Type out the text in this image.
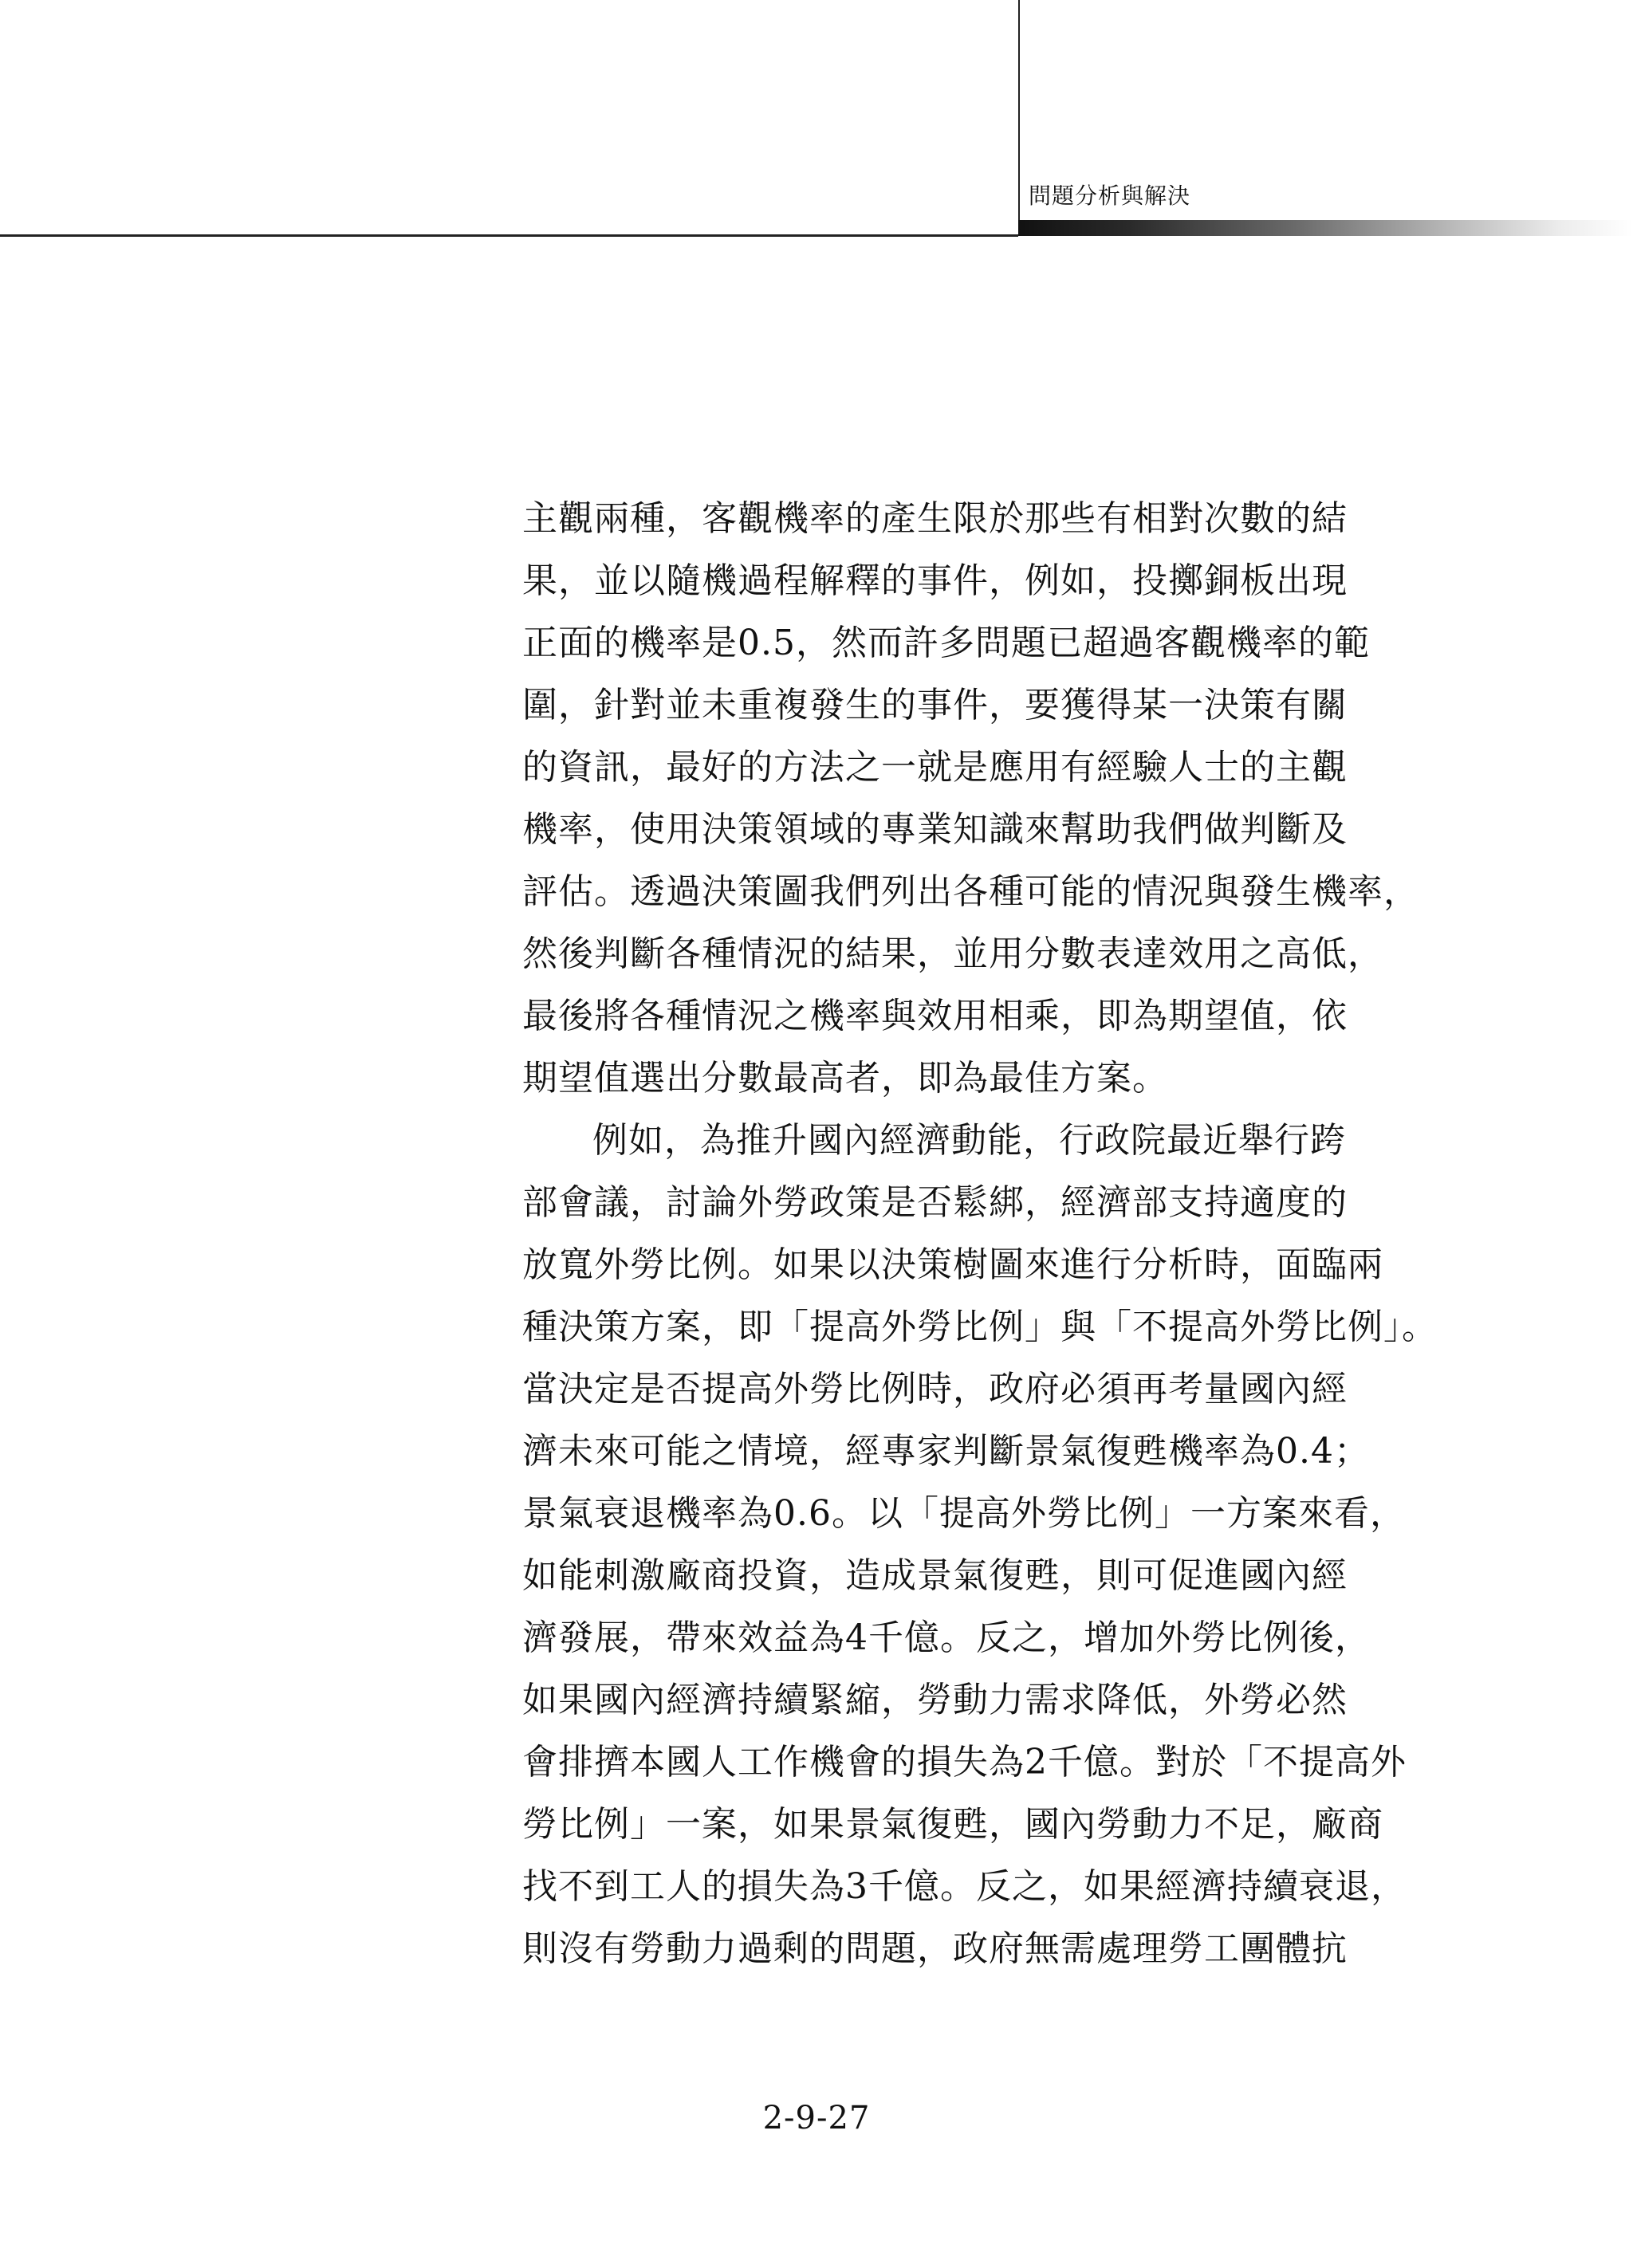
問題分析與解決
主觀兩種，客觀機率的產生限於那些有相對次數的結
果，並以隨機過程解釋的事件，例如，投擲銅板出現
正面的機率是0.5，然而許多問題已超過客觀機率的範
圍，針對並未重複發生的事件，要獲得某一決策有關
的資訊，最好的方法之一就是應用有經驗人士的主觀
機率，使用決策領域的專業知識來幫助我們做判斷及
評估。透過決策圖我們列出各種可能的情況與發生機率，
然後判斷各種情況的結果，並用分數表達效用之高低，
最後將各種情況之機率與效用相乘，即為期望值，依
期望值選出分數最高者，即為最佳方案。
例如，為推升國內經濟動能，行政院最近舉行跨
部會議，討論外勞政策是否鬆綁，經濟部支持適度的
放寬外勞比例。如果以決策樹圖來進行分析時，面臨兩
種決策方案，即「提高外勞比例」與「不提高外勞比例」。
當決定是否提高外勞比例時，政府必須再考量國內經
濟未來可能之情境，經專家判斷景氣復甦機率為0.4；
景氣衰退機率為0.6。以「提高外勞比例」一方案來看，
如能刺激廠商投資，造成景氣復甦，則可促進國內經
濟發展，帶來效益為4千億。反之，增加外勞比例後，
如果國內經濟持續緊縮，勞動力需求降低，外勞必然
會排擠本國人工作機會的損失為2千億。對於「不提高外
勞比例」一案，如果景氣復甦，國內勞動力不足，廠商
找不到工人的損失為3千億。反之，如果經濟持續衰退，
則沒有勞動力過剩的問題，政府無需處理勞工團體抗
2-9-27
